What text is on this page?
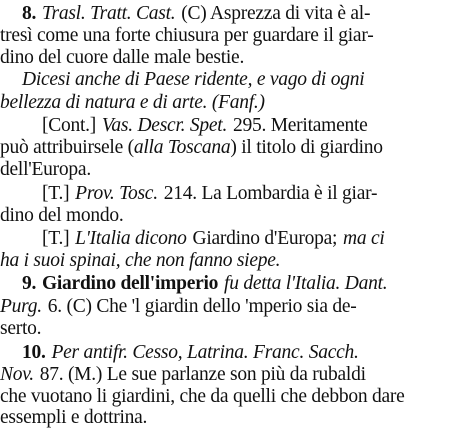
8. Trasl. Tratt. Cast. (C) Asprezza di vita è al-
tresì come una forte chiusura per guardare il giar-
dino del cuore dalle male bestie.
Dicesi anche di Paese ridente, e vago di ogni
bellezza di natura e di arte. (Fanf.)
[Cont.] Vas. Descr. Spet. 295. Meritamente
può attribuirsele (alla Toscana) il titolo di giardino
dell'Europa.
[T.] Prov. Tosc. 214. La Lombardia è il giar-
dino del mondo.
[T.] L'Italia dicono Giardino d'Europa; ma ci
ha i suoi spinai, che non fanno siepe.
9. Giardino dell'imperio fu detta l'Italia. Dant.
Purg. 6. (C) Che 'l giardin dello 'mperio sia de-
serto.
10. Per antifr. Cesso, Latrina. Franc. Sacch.
Nov. 87. (M.) Le sue parlanze son più da rubaldi
che vuotano li giardini, che da quelli che debbon dare
essempli e dottrina.
